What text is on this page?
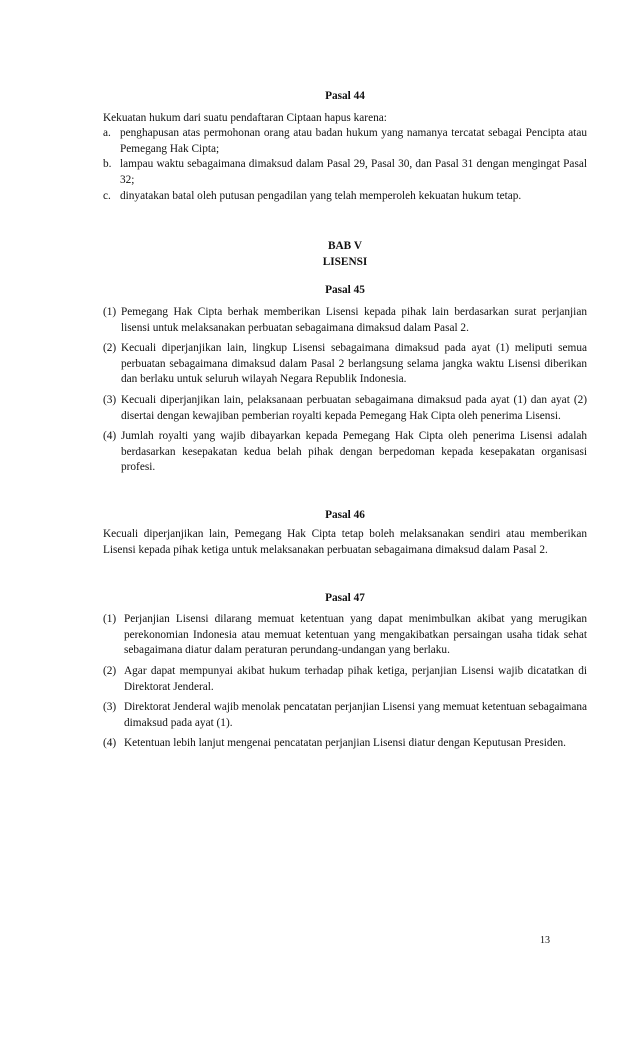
Pasal 44
Kekuatan hukum dari suatu pendaftaran Ciptaan hapus karena:
a. penghapusan atas permohonan orang atau badan hukum yang namanya tercatat sebagai Pencipta atau Pemegang Hak Cipta;
b. lampau waktu sebagaimana dimaksud dalam Pasal 29, Pasal 30, dan Pasal 31 dengan mengingat Pasal 32;
c. dinyatakan batal oleh putusan pengadilan yang telah memperoleh kekuatan hukum tetap.
BAB V
LISENSI
Pasal 45
(1) Pemegang Hak Cipta berhak memberikan Lisensi kepada pihak lain berdasarkan surat perjanjian lisensi untuk melaksanakan perbuatan sebagaimana dimaksud dalam Pasal 2.
(2) Kecuali diperjanjikan lain, lingkup Lisensi sebagaimana dimaksud pada ayat (1) meliputi semua perbuatan sebagaimana dimaksud dalam Pasal 2 berlangsung selama jangka waktu Lisensi diberikan dan berlaku untuk seluruh wilayah Negara Republik Indonesia.
(3) Kecuali diperjanjikan lain, pelaksanaan perbuatan sebagaimana dimaksud pada ayat (1) dan ayat (2) disertai dengan kewajiban pemberian royalti kepada Pemegang Hak Cipta oleh penerima Lisensi.
(4) Jumlah royalti yang wajib dibayarkan kepada Pemegang Hak Cipta oleh penerima Lisensi adalah berdasarkan kesepakatan kedua belah pihak dengan berpedoman kepada kesepakatan organisasi profesi.
Pasal 46
Kecuali diperjanjikan lain, Pemegang Hak Cipta tetap boleh melaksanakan sendiri atau memberikan Lisensi kepada pihak ketiga untuk melaksanakan perbuatan sebagaimana dimaksud dalam Pasal 2.
Pasal 47
(1) Perjanjian Lisensi dilarang memuat ketentuan yang dapat menimbulkan akibat yang merugikan perekonomian Indonesia atau memuat ketentuan yang mengakibatkan persaingan usaha tidak sehat sebagaimana diatur dalam peraturan perundang-undangan yang berlaku.
(2) Agar dapat mempunyai akibat hukum terhadap pihak ketiga, perjanjian Lisensi wajib dicatatkan di Direktorat Jenderal.
(3) Direktorat Jenderal wajib menolak pencatatan perjanjian Lisensi yang memuat ketentuan sebagaimana dimaksud pada ayat (1).
(4) Ketentuan lebih lanjut mengenai pencatatan perjanjian Lisensi diatur dengan Keputusan Presiden.
13
